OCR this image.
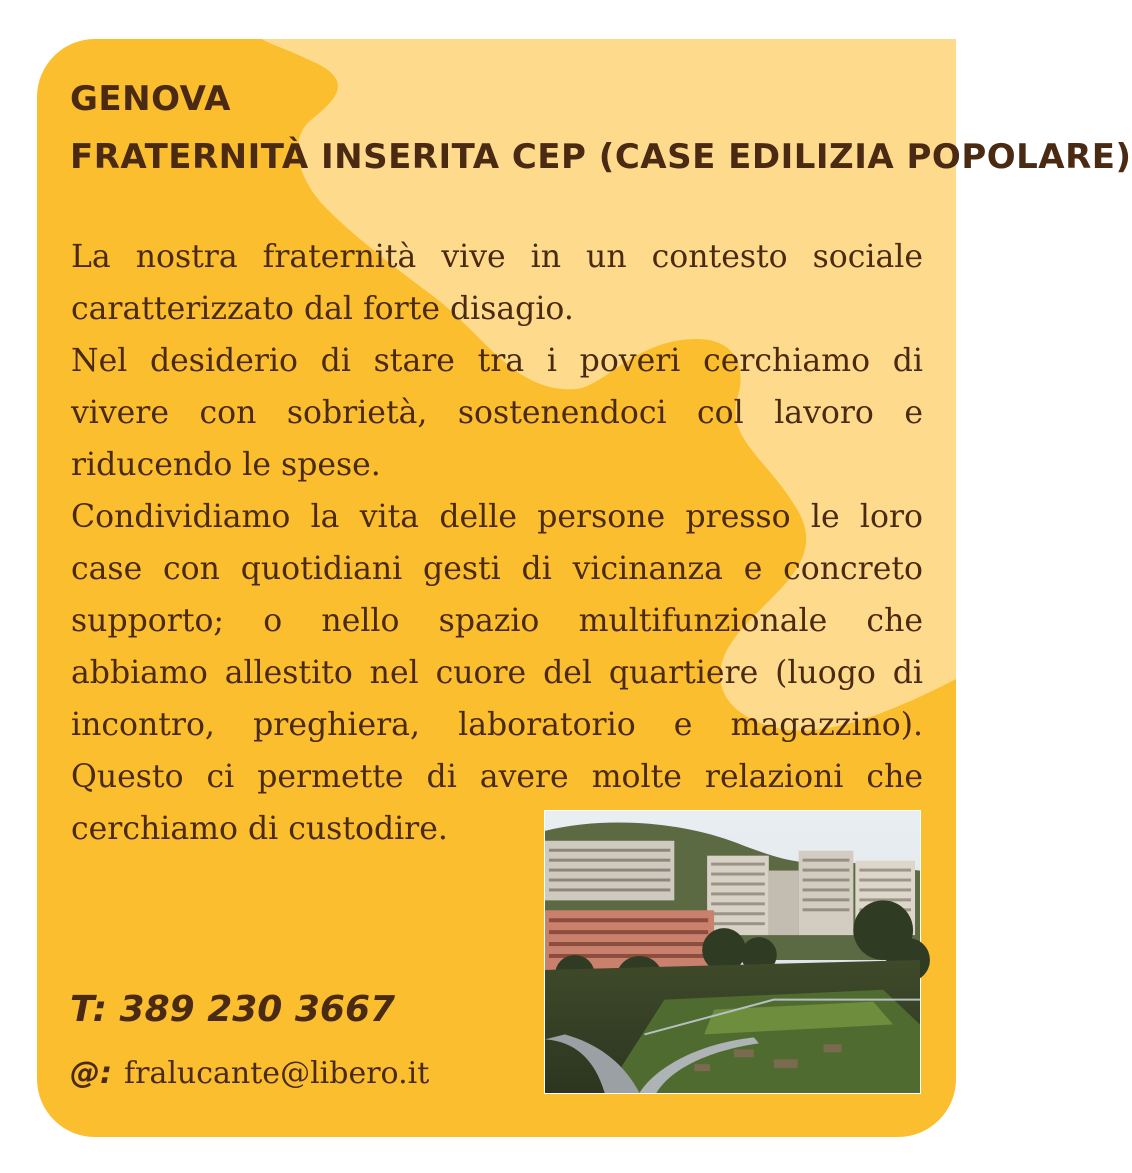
GENOVA
FRATERNITÀ INSERITA CEP (CASE EDILIZIA POPOLARE)

La nostra fraternità vive in un contesto sociale caratterizzato dal forte disagio.

Nel desiderio di stare tra i poveri cerchiamo di vivere con sobrietà, sostenendoci col lavoro e riducendo le spese.

Condividiamo la vita delle persone presso le loro case con quotidiani gesti di vicinanza e concreto supporto; o nello spazio multifunzionale che abbiamo allestito nel cuore del quartiere (luogo di incontro, preghiera, laboratorio e magazzino). Questo ci permette di avere molte relazioni che cerchiamo di custodire.

T: 389 230 3667
@: fralucante@libero.it
